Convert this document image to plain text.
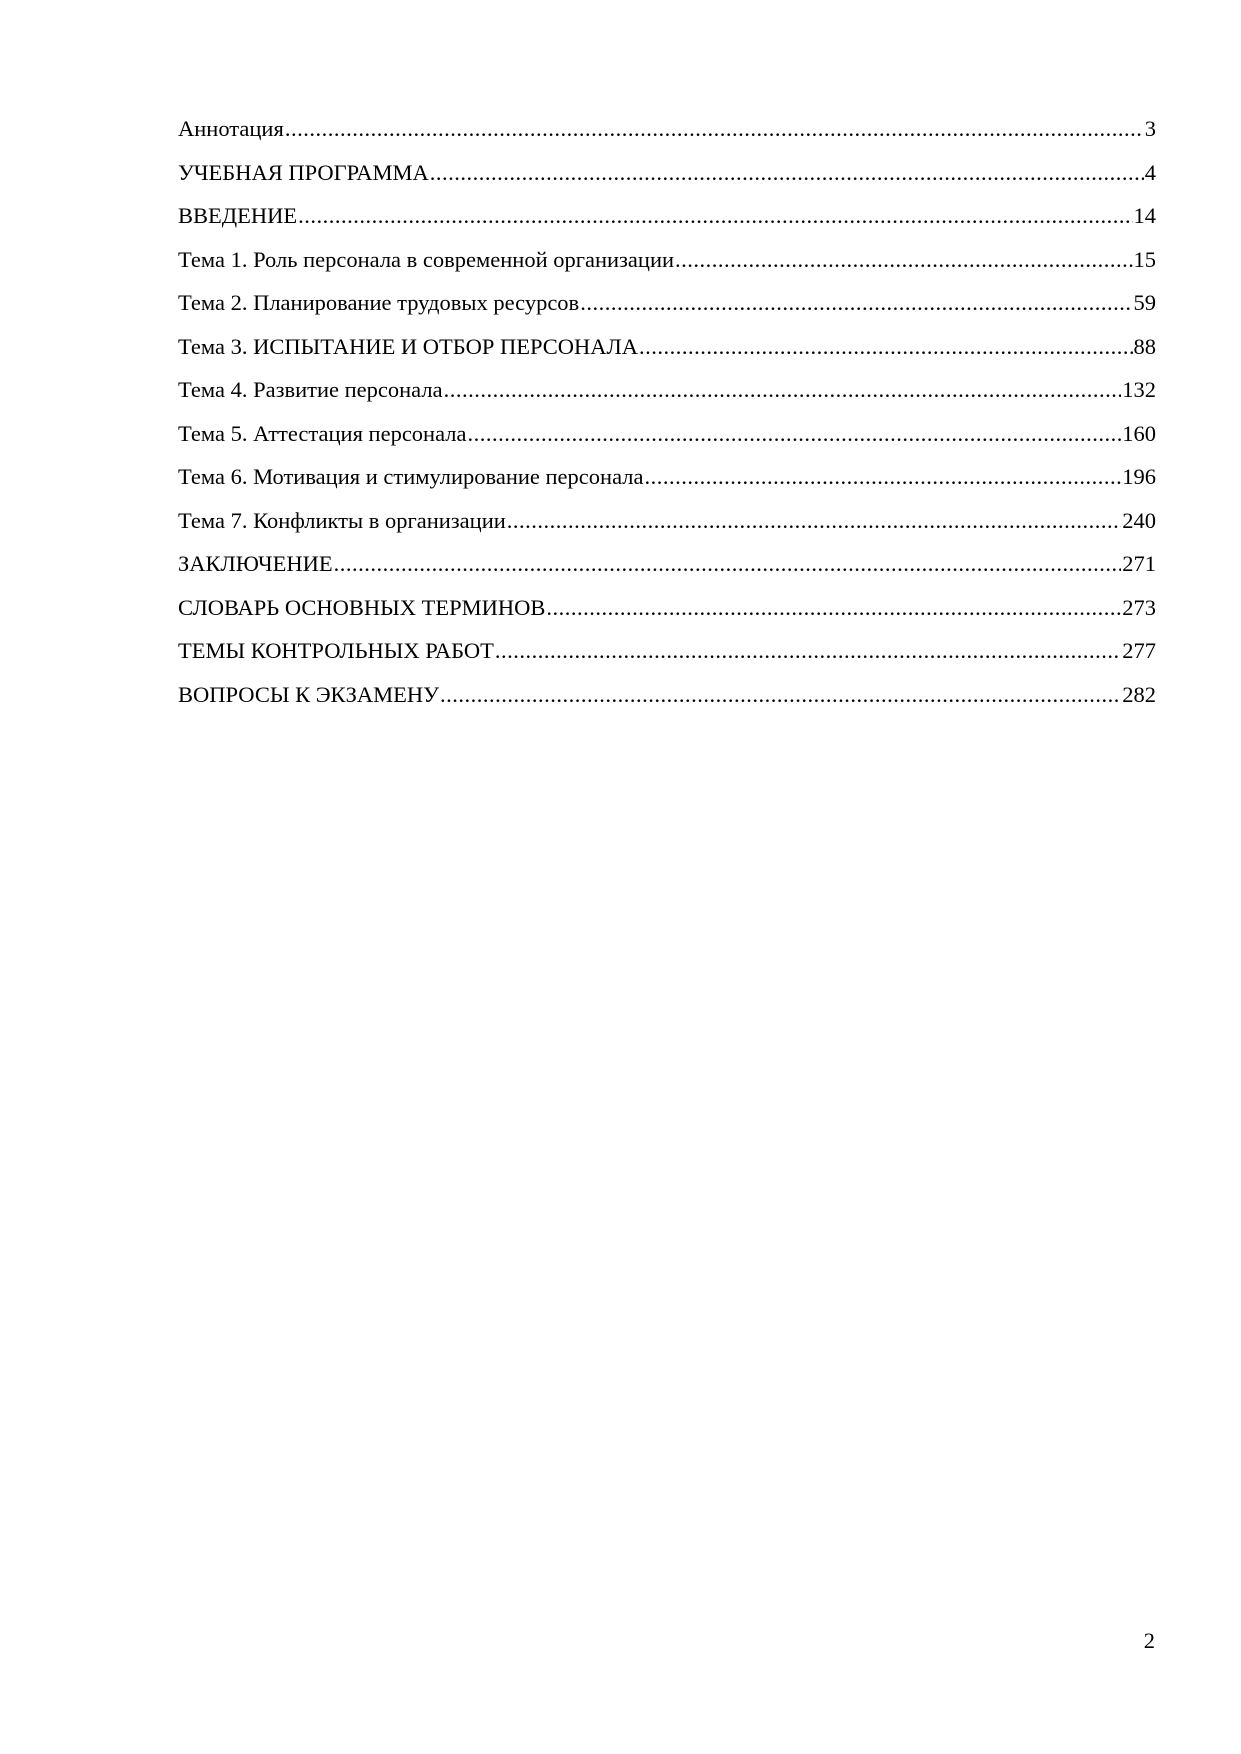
Аннотация .....	3
УЧЕБНАЯ ПРОГРАММА .....	4
ВВЕДЕНИЕ .....	14
Тема 1. Роль персонала в современной организации .....	15
Тема 2. Планирование трудовых ресурсов .....	59
Тема 3. ИСПЫТАНИЕ И ОТБОР ПЕРСОНАЛА .....	88
Тема 4. Развитие персонала .....	132
Тема 5. Аттестация персонала .....	160
Тема 6. Мотивация и стимулирование персонала .....	196
Тема 7. Конфликты в организации .....	240
ЗАКЛЮЧЕНИЕ .....	271
СЛОВАРЬ ОСНОВНЫХ ТЕРМИНОВ .....	273
ТЕМЫ КОНТРОЛЬНЫХ РАБОТ .....	277
ВОПРОСЫ К ЭКЗАМЕНУ .....	282
2
